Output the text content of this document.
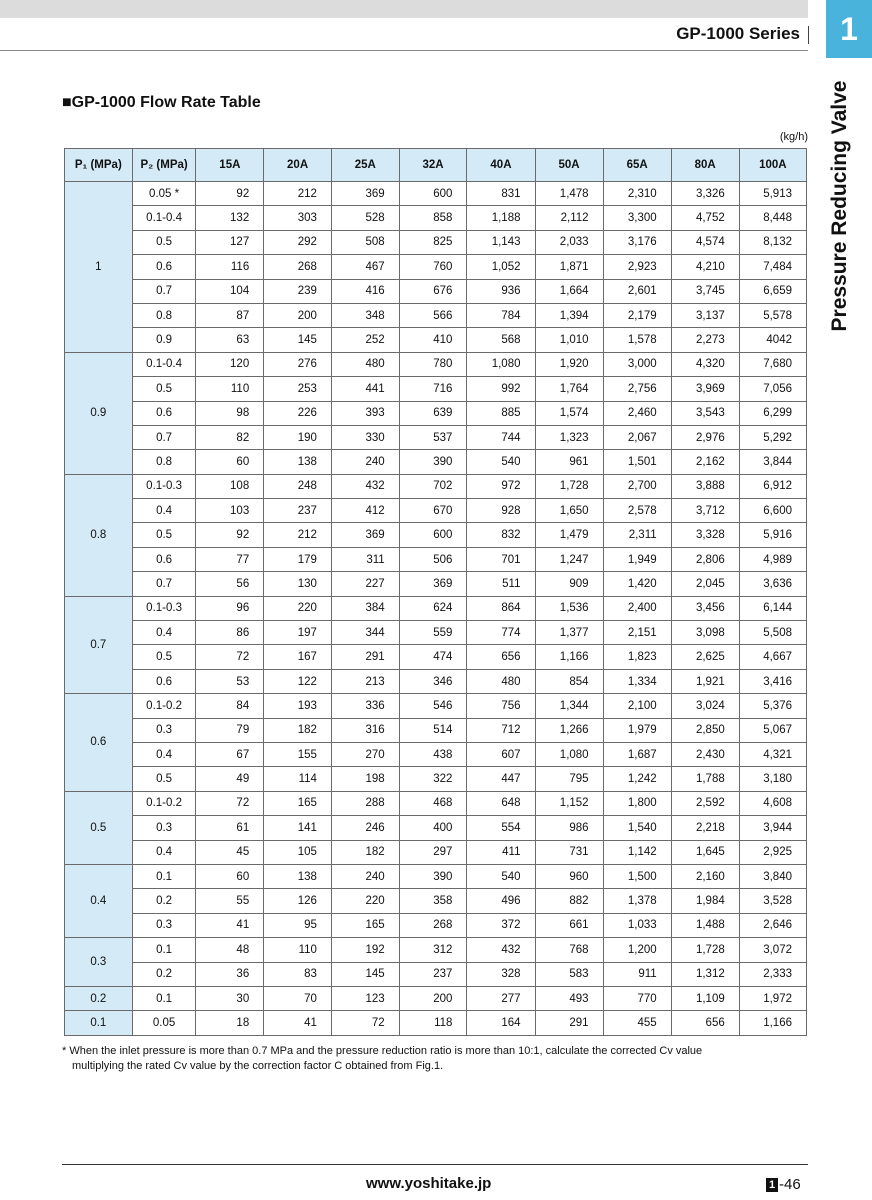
GP-1000 Series	1
Pressure Reducing Valve
■GP-1000 Flow Rate Table
(kg/h)
P₁ (MPa)	P₂ (MPa)	15A	20A	25A	32A	40A	50A	65A	80A	100A
1	0.05 *	92	212	369	600	831	1,478	2,310	3,326	5,913
	0.1-0.4	132	303	528	858	1,188	2,112	3,300	4,752	8,448
	0.5	127	292	508	825	1,143	2,033	3,176	4,574	8,132
	0.6	116	268	467	760	1,052	1,871	2,923	4,210	7,484
	0.7	104	239	416	676	936	1,664	2,601	3,745	6,659
	0.8	87	200	348	566	784	1,394	2,179	3,137	5,578
	0.9	63	145	252	410	568	1,010	1,578	2,273	4042
0.9	0.1-0.4	120	276	480	780	1,080	1,920	3,000	4,320	7,680
	0.5	110	253	441	716	992	1,764	2,756	3,969	7,056
	0.6	98	226	393	639	885	1,574	2,460	3,543	6,299
	0.7	82	190	330	537	744	1,323	2,067	2,976	5,292
	0.8	60	138	240	390	540	961	1,501	2,162	3,844
0.8	0.1-0.3	108	248	432	702	972	1,728	2,700	3,888	6,912
	0.4	103	237	412	670	928	1,650	2,578	3,712	6,600
	0.5	92	212	369	600	832	1,479	2,311	3,328	5,916
	0.6	77	179	311	506	701	1,247	1,949	2,806	4,989
	0.7	56	130	227	369	511	909	1,420	2,045	3,636
0.7	0.1-0.3	96	220	384	624	864	1,536	2,400	3,456	6,144
	0.4	86	197	344	559	774	1,377	2,151	3,098	5,508
	0.5	72	167	291	474	656	1,166	1,823	2,625	4,667
	0.6	53	122	213	346	480	854	1,334	1,921	3,416
0.6	0.1-0.2	84	193	336	546	756	1,344	2,100	3,024	5,376
	0.3	79	182	316	514	712	1,266	1,979	2,850	5,067
	0.4	67	155	270	438	607	1,080	1,687	2,430	4,321
	0.5	49	114	198	322	447	795	1,242	1,788	3,180
0.5	0.1-0.2	72	165	288	468	648	1,152	1,800	2,592	4,608
	0.3	61	141	246	400	554	986	1,540	2,218	3,944
	0.4	45	105	182	297	411	731	1,142	1,645	2,925
0.4	0.1	60	138	240	390	540	960	1,500	2,160	3,840
	0.2	55	126	220	358	496	882	1,378	1,984	3,528
	0.3	41	95	165	268	372	661	1,033	1,488	2,646
0.3	0.1	48	110	192	312	432	768	1,200	1,728	3,072
	0.2	36	83	145	237	328	583	911	1,312	2,333
0.2	0.1	30	70	123	200	277	493	770	1,109	1,972
0.1	0.05	18	41	72	118	164	291	455	656	1,166
* When the inlet pressure is more than 0.7 MPa and the pressure reduction ratio is more than 10:1, calculate the corrected Cv value
multiplying the rated Cv value by the correction factor C obtained from Fig.1.
www.yoshitake.jp	1 -46
